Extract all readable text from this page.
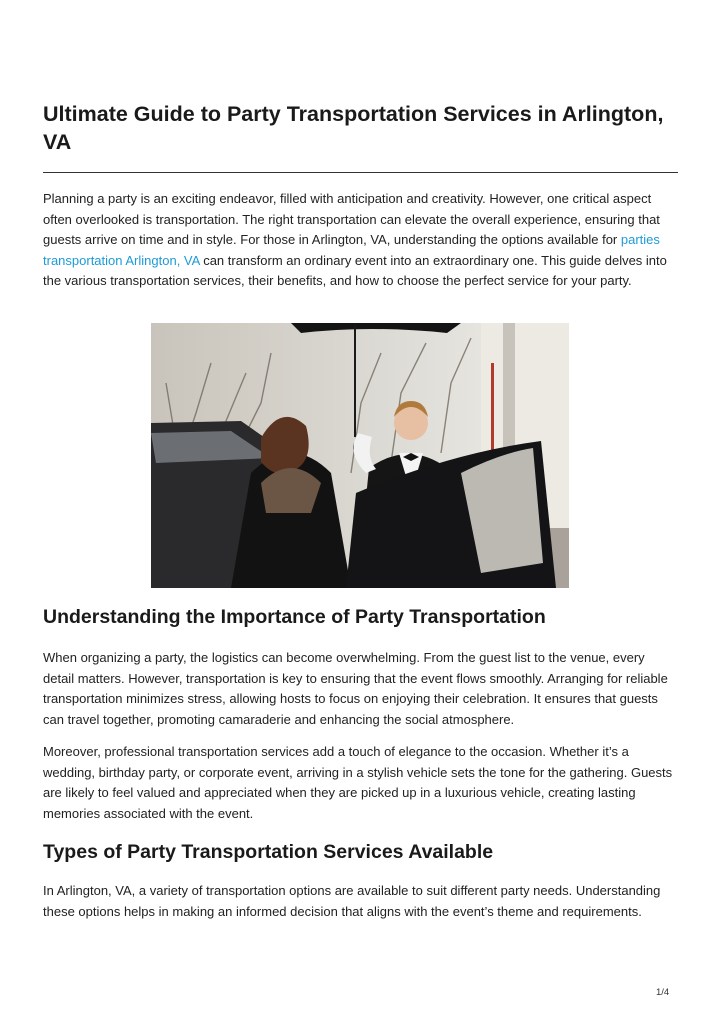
Ultimate Guide to Party Transportation Services in Arlington, VA

Planning a party is an exciting endeavor, filled with anticipation and creativity. However, one critical aspect often overlooked is transportation. The right transportation can elevate the overall experience, ensuring that guests arrive on time and in style. For those in Arlington, VA, understanding the options available for parties transportation Arlington, VA can transform an ordinary event into an extraordinary one. This guide delves into the various transportation services, their benefits, and how to choose the perfect service for your party.

Understanding the Importance of Party Transportation

When organizing a party, the logistics can become overwhelming. From the guest list to the venue, every detail matters. However, transportation is key to ensuring that the event flows smoothly. Arranging for reliable transportation minimizes stress, allowing hosts to focus on enjoying their celebration. It ensures that guests can travel together, promoting camaraderie and enhancing the social atmosphere.

Moreover, professional transportation services add a touch of elegance to the occasion. Whether it’s a wedding, birthday party, or corporate event, arriving in a stylish vehicle sets the tone for the gathering. Guests are likely to feel valued and appreciated when they are picked up in a luxurious vehicle, creating lasting memories associated with the event.

Types of Party Transportation Services Available

In Arlington, VA, a variety of transportation options are available to suit different party needs. Understanding these options helps in making an informed decision that aligns with the event’s theme and requirements.

1/4
